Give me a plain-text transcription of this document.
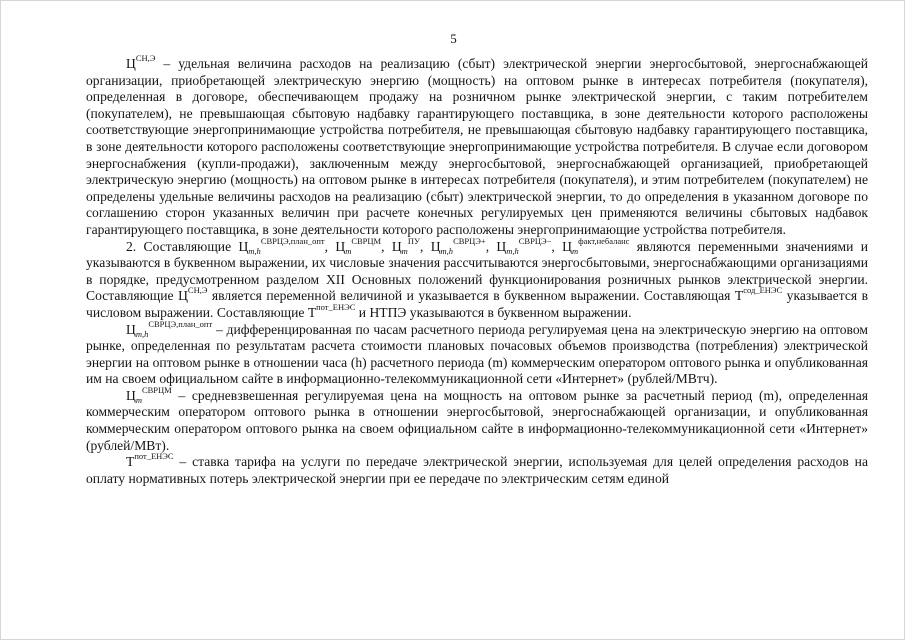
5

$Ц^{СН,Э}$ – удельная величина расходов на реализацию (сбыт) электрической энергии энергосбытовой, энергоснабжающей организации, приобретающей электрическую энергию (мощность) на оптовом рынке в интересах потребителя (покупателя), определенная в договоре, обеспечивающем продажу на розничном рынке электрической энергии, с таким потребителем (покупателем), не превышающая сбытовую надбавку гарантирующего поставщика, в зоне деятельности которого расположены соответствующие энергопринимающие устройства потребителя, не превышающая сбытовую надбавку гарантирующего поставщика, в зоне деятельности которого расположены соответствующие энергопринимающие устройства потребителя. В случае если договором энергоснабжения (купли-продажи), заключенным между энергосбытовой, энергоснабжающей организацией, приобретающей электрическую энергию (мощность) на оптовом рынке в интересах потребителя (покупателя), и этим потребителем (покупателем) не определены удельные величины расходов на реализацию (сбыт) электрической энергии, то до определения в указанном договоре по соглашению сторон указанных величин при расчете конечных регулируемых цен применяются величины сбытовых надбавок гарантирующего поставщика, в зоне деятельности которого расположены энергопринимающие устройства потребителя.

2. Составляющие $Ц_{m,h}^{СВРЦЭ,план\_опт}$, $Ц_m^{СВРЦМ}$, $Ц_m^{ПУ}$, $Ц_{m,h}^{СВРЦЭ+}$, $Ц_{m,h}^{СВРЦЭ-}$, $Ц_m^{факт,небаланс}$ являются переменными значениями и указываются в буквенном выражении, их числовые значения рассчитываются энергосбытовыми, энергоснабжающими организациями в порядке, предусмотренном разделом XII Основных положений функционирования розничных рынков электрической энергии. Составляющие $Ц^{СН,Э}$ является переменной величиной и указывается в буквенном выражении. Составляющая $Т^{сод\_ЕНЭС}$ указывается в числовом выражении. Составляющие $Т^{пот\_ЕНЭС}$ и НТПЭ указываются в буквенном выражении.

$Ц_{m,h}^{СВРЦЭ,план\_опт}$ – дифференцированная по часам расчетного периода регулируемая цена на электрическую энергию на оптовом рынке, определенная по результатам расчета стоимости плановых почасовых объемов производства (потребления) электрической энергии на оптовом рынке в отношении часа (h) расчетного периода (m) коммерческим оператором оптового рынка и опубликованная им на своем официальном сайте в информационно-телекоммуникационной сети «Интернет» (рублей/МВтч).

$Ц_m^{СВРЦМ}$ – средневзвешенная регулируемая цена на мощность на оптовом рынке за расчетный период (m), определенная коммерческим оператором оптового рынка в отношении энергосбытовой, энергоснабжающей организации, и опубликованная коммерческим оператором оптового рынка на своем официальном сайте в информационно-телекоммуникационной сети «Интернет» (рублей/МВт).

$Т^{пот\_ЕНЭС}$ – ставка тарифа на услуги по передаче электрической энергии, используемая для целей определения расходов на оплату нормативных потерь электрической энергии при ее передаче по электрическим сетям единой
